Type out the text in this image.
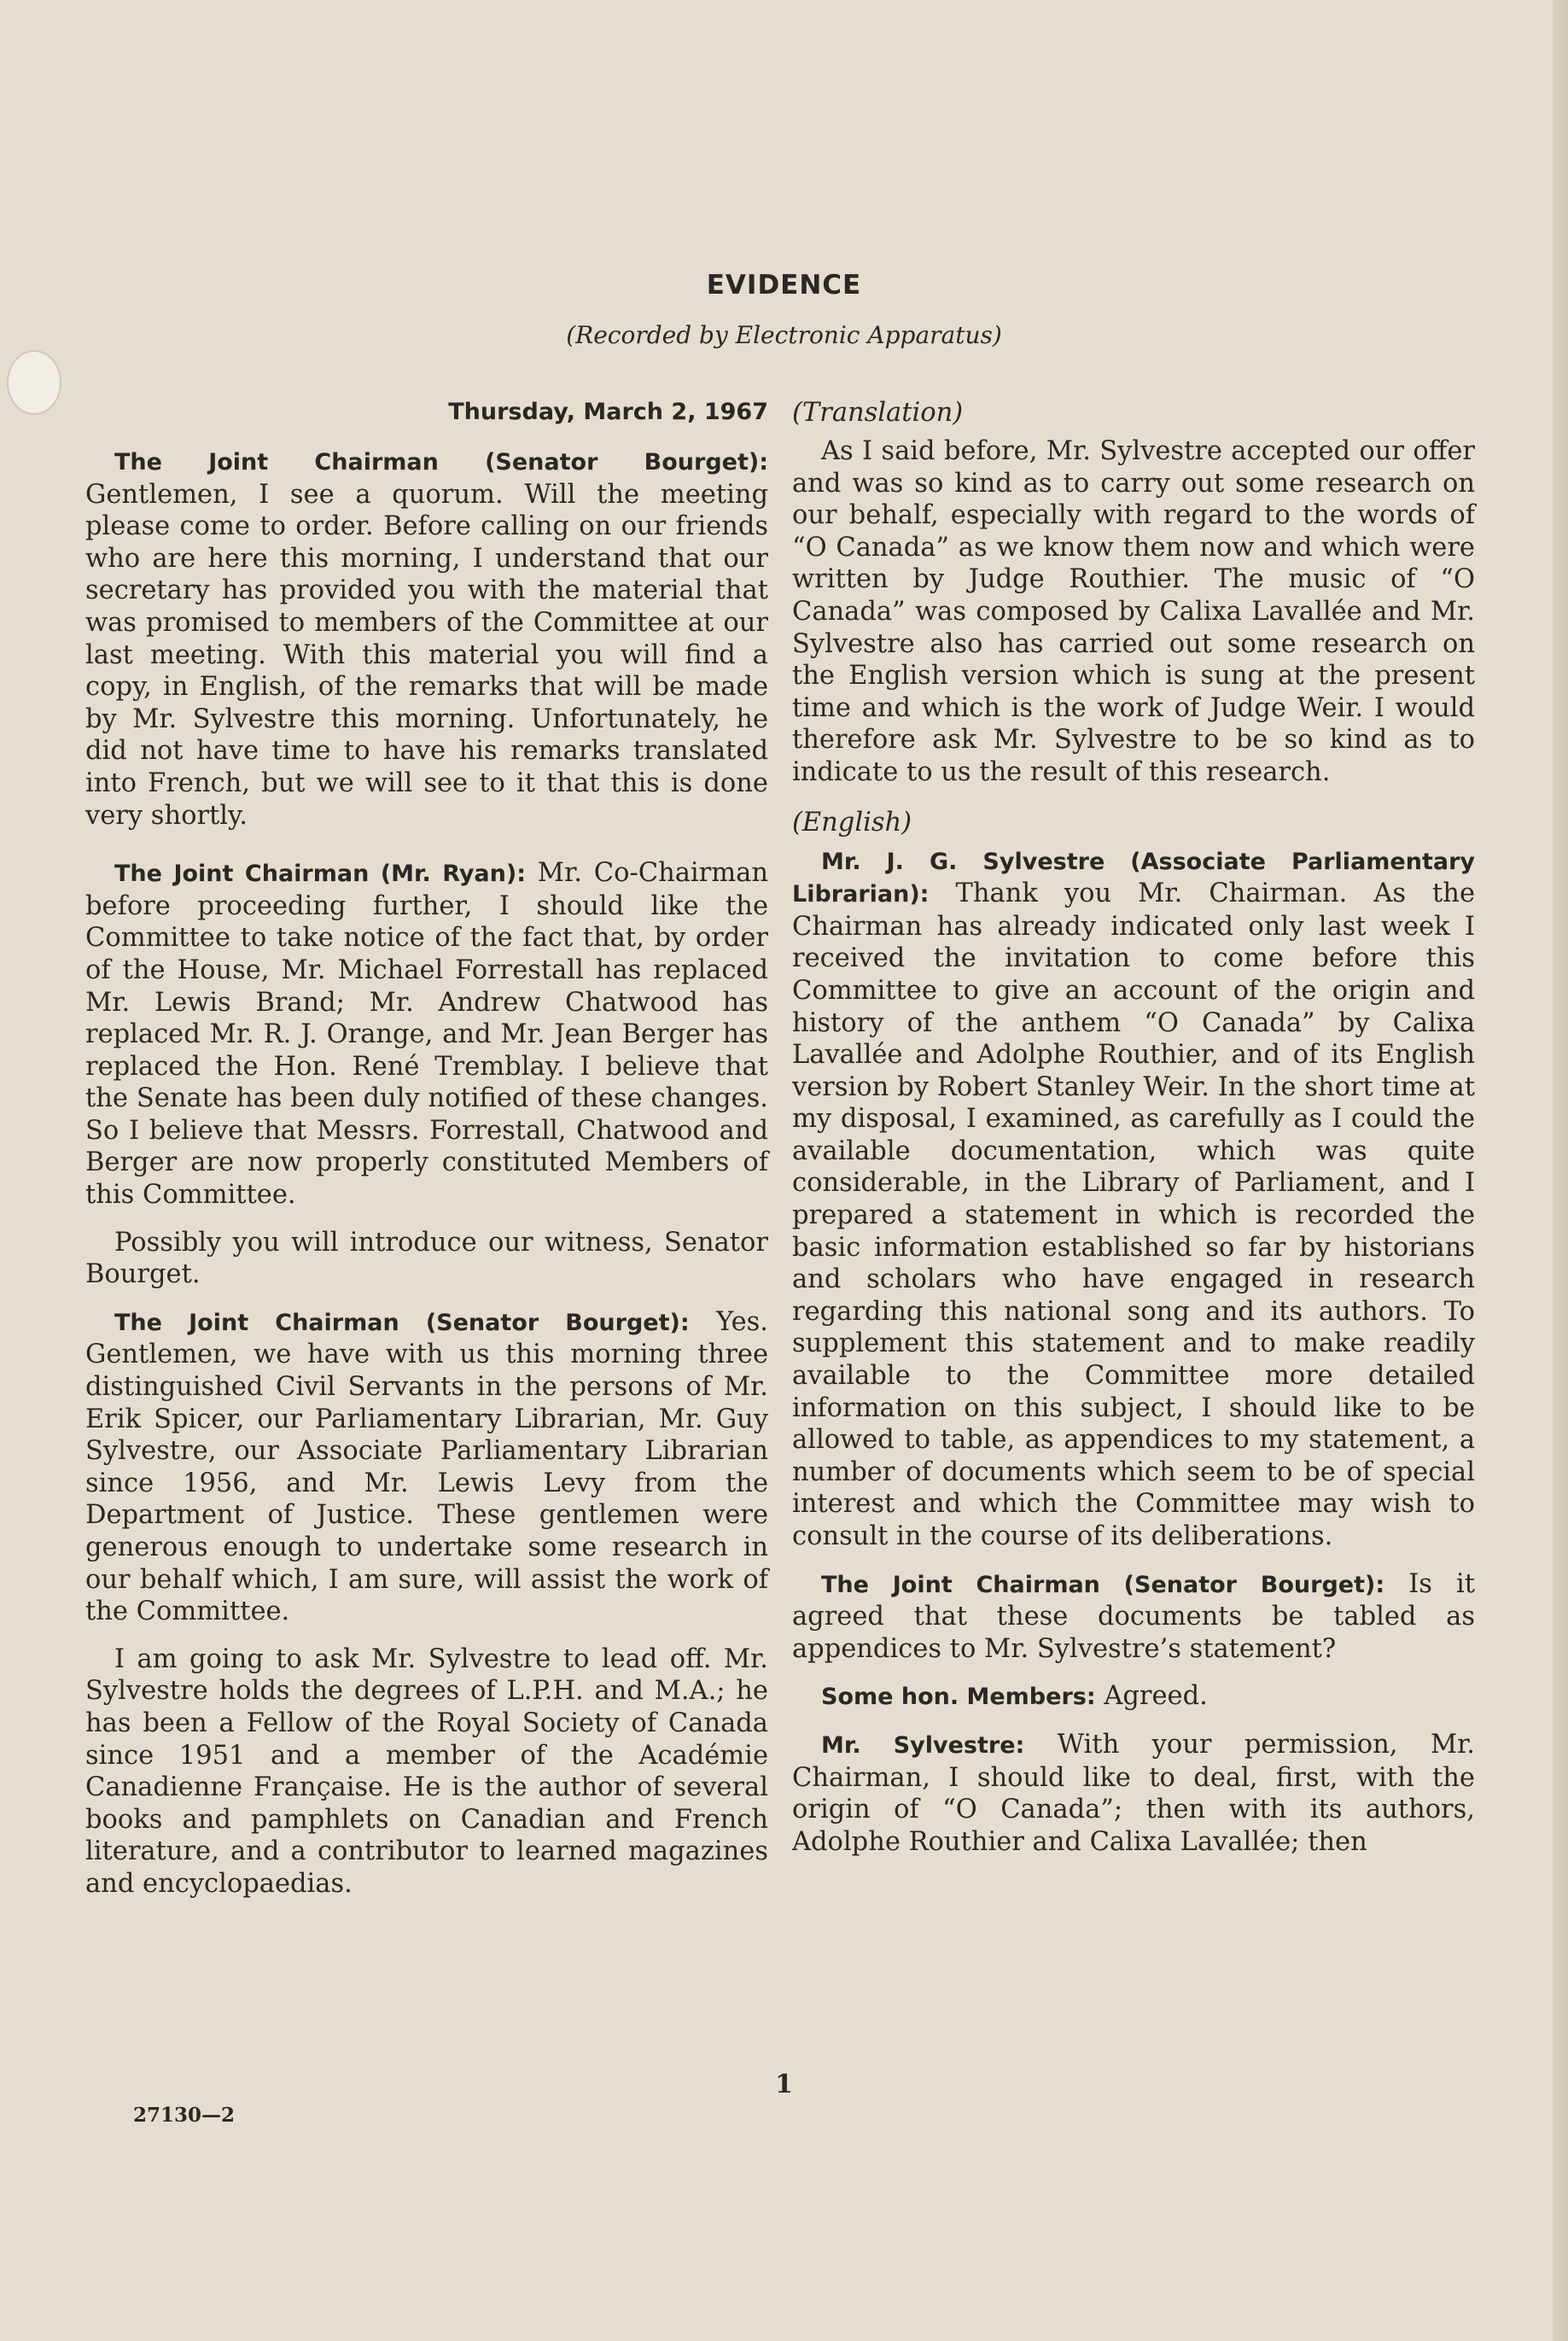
EVIDENCE
(Recorded by Electronic Apparatus)
Thursday, March 2, 1967

The Joint Chairman (Senator Bourget): Gentlemen, I see a quorum. Will the meeting please come to order. Before calling on our friends who are here this morning, I understand that our secretary has provided you with the material that was promised to members of the Committee at our last meeting. With this material you will find a copy, in English, of the remarks that will be made by Mr. Sylvestre this morning. Unfortunately, he did not have time to have his remarks translated into French, but we will see to it that this is done very shortly.

The Joint Chairman (Mr. Ryan): Mr. Co-Chairman before proceeding further, I should like the Committee to take notice of the fact that, by order of the House, Mr. Michael Forrestall has replaced Mr. Lewis Brand; Mr. Andrew Chatwood has replaced Mr. R. J. Orange, and Mr. Jean Berger has replaced the Hon. René Tremblay. I believe that the Senate has been duly notified of these changes. So I believe that Messrs. Forrestall, Chatwood and Berger are now properly constituted Members of this Committee.

Possibly you will introduce our witness, Senator Bourget.

The Joint Chairman (Senator Bourget): Yes. Gentlemen, we have with us this morning three distinguished Civil Servants in the persons of Mr. Erik Spicer, our Parliamentary Librarian, Mr. Guy Sylvestre, our Associate Parliamentary Librarian since 1956, and Mr. Lewis Levy from the Department of Justice. These gentlemen were generous enough to undertake some research in our behalf which, I am sure, will assist the work of the Committee.

I am going to ask Mr. Sylvestre to lead off. Mr. Sylvestre holds the degrees of L.P.H. and M.A.; he has been a Fellow of the Royal Society of Canada since 1951 and a member of the Académie Canadienne Française. He is the author of several books and pamphlets on Canadian and French literature, and a contributor to learned magazines and encyclopaedias.

(Translation)

As I said before, Mr. Sylvestre accepted our offer and was so kind as to carry out some research on our behalf, especially with regard to the words of “O Canada” as we know them now and which were written by Judge Routhier. The music of “O Canada” was composed by Calixa Lavallée and Mr. Sylvestre also has carried out some research on the English version which is sung at the present time and which is the work of Judge Weir. I would therefore ask Mr. Sylvestre to be so kind as to indicate to us the result of this research.

(English)

Mr. J. G. Sylvestre (Associate Parliamentary Librarian): Thank you Mr. Chairman. As the Chairman has already indicated only last week I received the invitation to come before this Committee to give an account of the origin and history of the anthem “O Canada” by Calixa Lavallée and Adolphe Routhier, and of its English version by Robert Stanley Weir. In the short time at my disposal, I examined, as carefully as I could the available documentation, which was quite considerable, in the Library of Parliament, and I prepared a statement in which is recorded the basic information established so far by historians and scholars who have engaged in research regarding this national song and its authors. To supplement this statement and to make readily available to the Committee more detailed information on this subject, I should like to be allowed to table, as appendices to my statement, a number of documents which seem to be of special interest and which the Committee may wish to consult in the course of its deliberations.

The Joint Chairman (Senator Bourget): Is it agreed that these documents be tabled as appendices to Mr. Sylvestre’s statement?

Some hon. Members: Agreed.

Mr. Sylvestre: With your permission, Mr. Chairman, I should like to deal, first, with the origin of “O Canada”; then with its authors, Adolphe Routhier and Calixa Lavallée; then

1
27130—2
